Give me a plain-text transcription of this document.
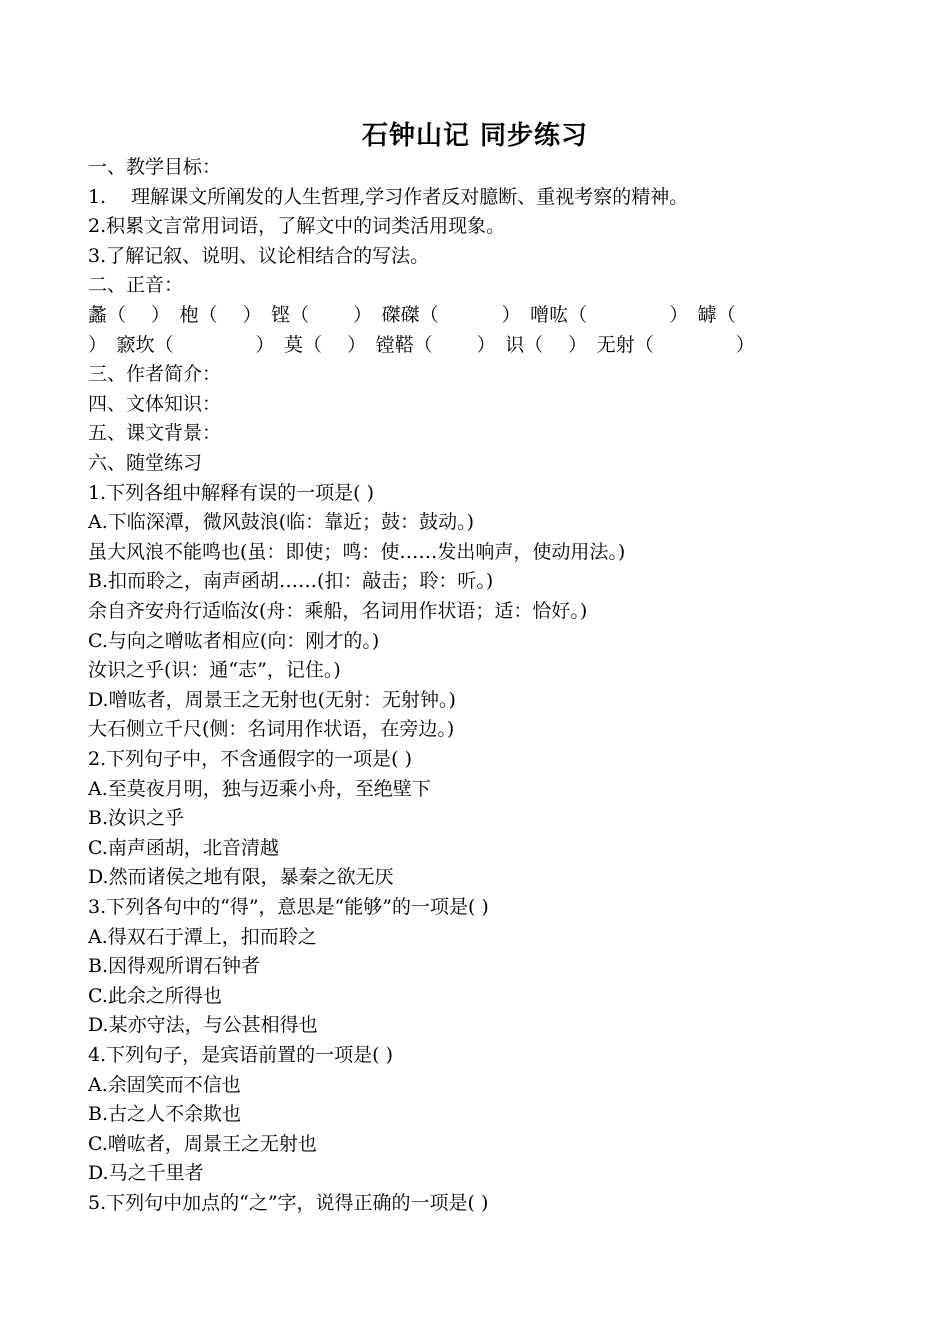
石钟山记 同步练习
一、教学目标：
1.　 理解课文所阐发的人生哲理,学习作者反对臆断、重视考察的精神。
2.积累文言常用词语，了解文中的词类活用现象。
3.了解记叙、说明、议论相结合的写法。
二、正音：
蠡（　 ）　枹（　 ）　铿（　　 ）　磔磔（　　　 ）　噌吰（　　　　 ）　罅（
）　窾坎（　　　　 ）　莫（　 ）　镗鞳（　　 ）　识（　 ）　无射（　　　　 ）
三、作者简介：
四、文体知识：
五、课文背景：
六、随堂练习
1.下列各组中解释有误的一项是( )
A.下临深潭，微风鼓浪(临：靠近；鼓：鼓动。)
虽大风浪不能鸣也(虽：即使；鸣：使……发出响声，使动用法。)
B.扣而聆之，南声函胡……(扣：敲击；聆：听。)
余自齐安舟行适临汝(舟：乘船，名词用作状语；适：恰好。)
C.与向之噌吰者相应(向：刚才的。)
汝识之乎(识：通“志”，记住。)
D.噌吰者，周景王之无射也(无射：无射钟。)
大石侧立千尺(侧：名词用作状语，在旁边。)
2.下列句子中，不含通假字的一项是( )
A.至莫夜月明，独与迈乘小舟，至绝壁下
B.汝识之乎
C.南声函胡，北音清越
D.然而诸侯之地有限，暴秦之欲无厌
3.下列各句中的“得”，意思是“能够”的一项是( )
A.得双石于潭上，扣而聆之
B.因得观所谓石钟者
C.此余之所得也
D.某亦守法，与公甚相得也
4.下列句子，是宾语前置的一项是( )
A.余固笑而不信也
B.古之人不余欺也
C.噌吰者，周景王之无射也
D.马之千里者
5.下列句中加点的“之”字，说得正确的一项是( )
